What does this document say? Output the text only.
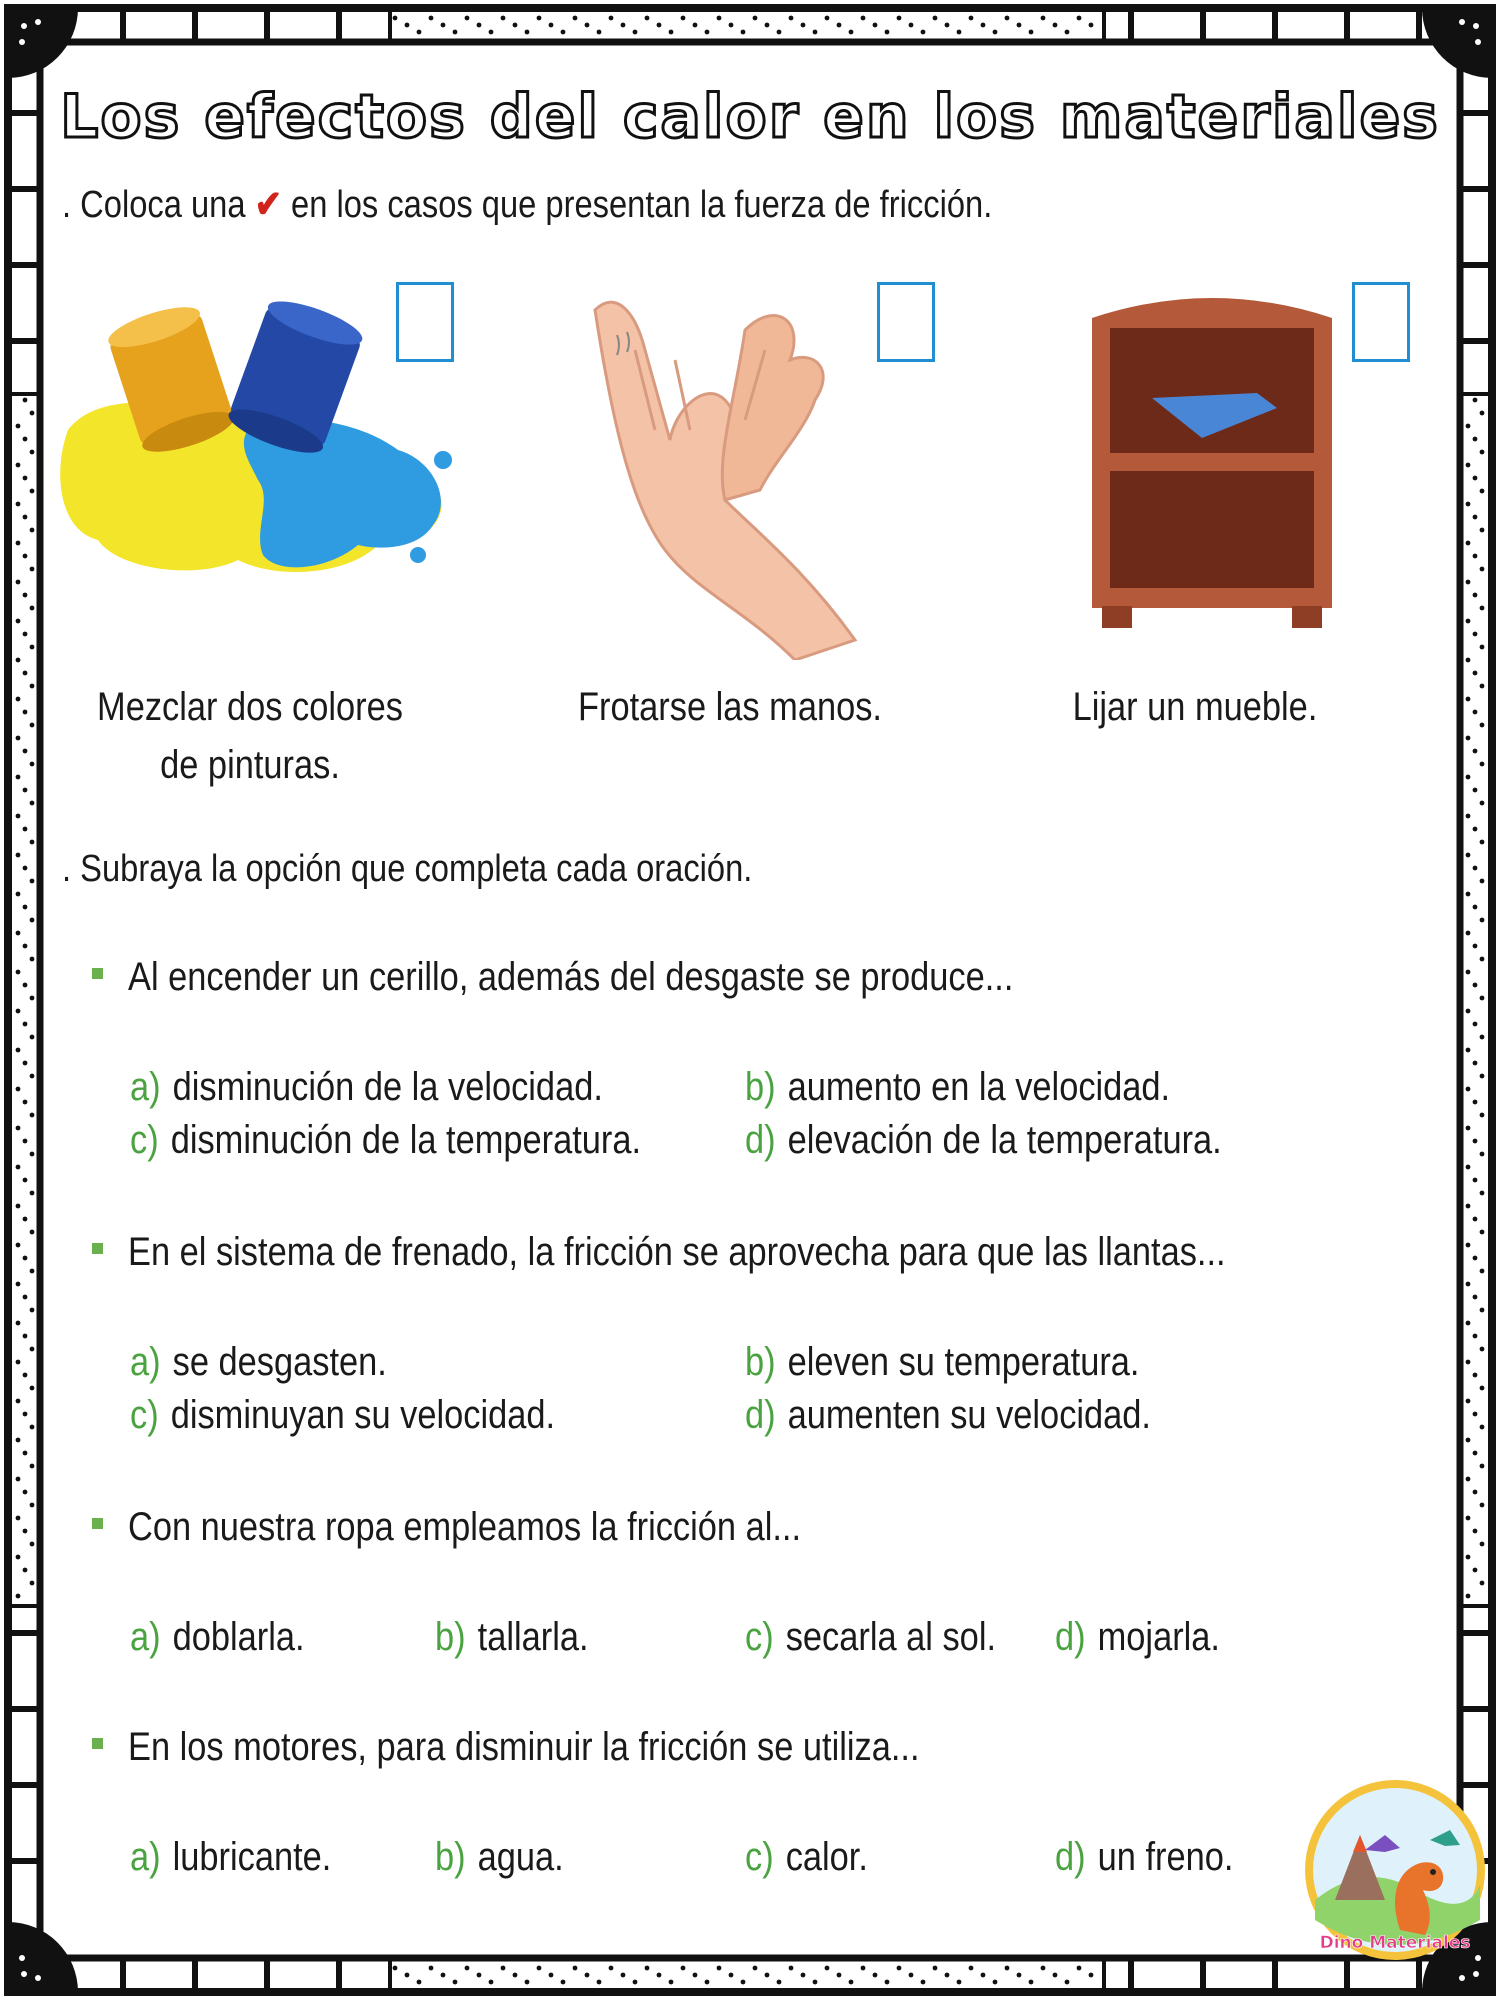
Los efectos del calor en los materiales
. Coloca una ✔ en los casos que presentan la fuerza de fricción.
Mezclar dos colores
de pinturas.
Frotarse las manos.	Lijar un mueble.
. Subraya la opción que completa cada oración.
Al encender un cerillo, además del desgaste se produce...
a) disminución de la velocidad.	b) aumento en la velocidad.
c) disminución de la temperatura.	d) elevación de la temperatura.
En el sistema de frenado, la fricción se aprovecha para que las llantas...
a) se desgasten.	b) eleven su temperatura.
c) disminuyan su velocidad.	d) aumenten su velocidad.
Con nuestra ropa empleamos la fricción al...
a) doblarla.	b) tallarla.	c) secarla al sol. d) mojarla.
En los motores, para disminuir la fricción se utiliza...
a) lubricante.	b) agua.	c) calor.	d) un freno.
Dino Materiales
